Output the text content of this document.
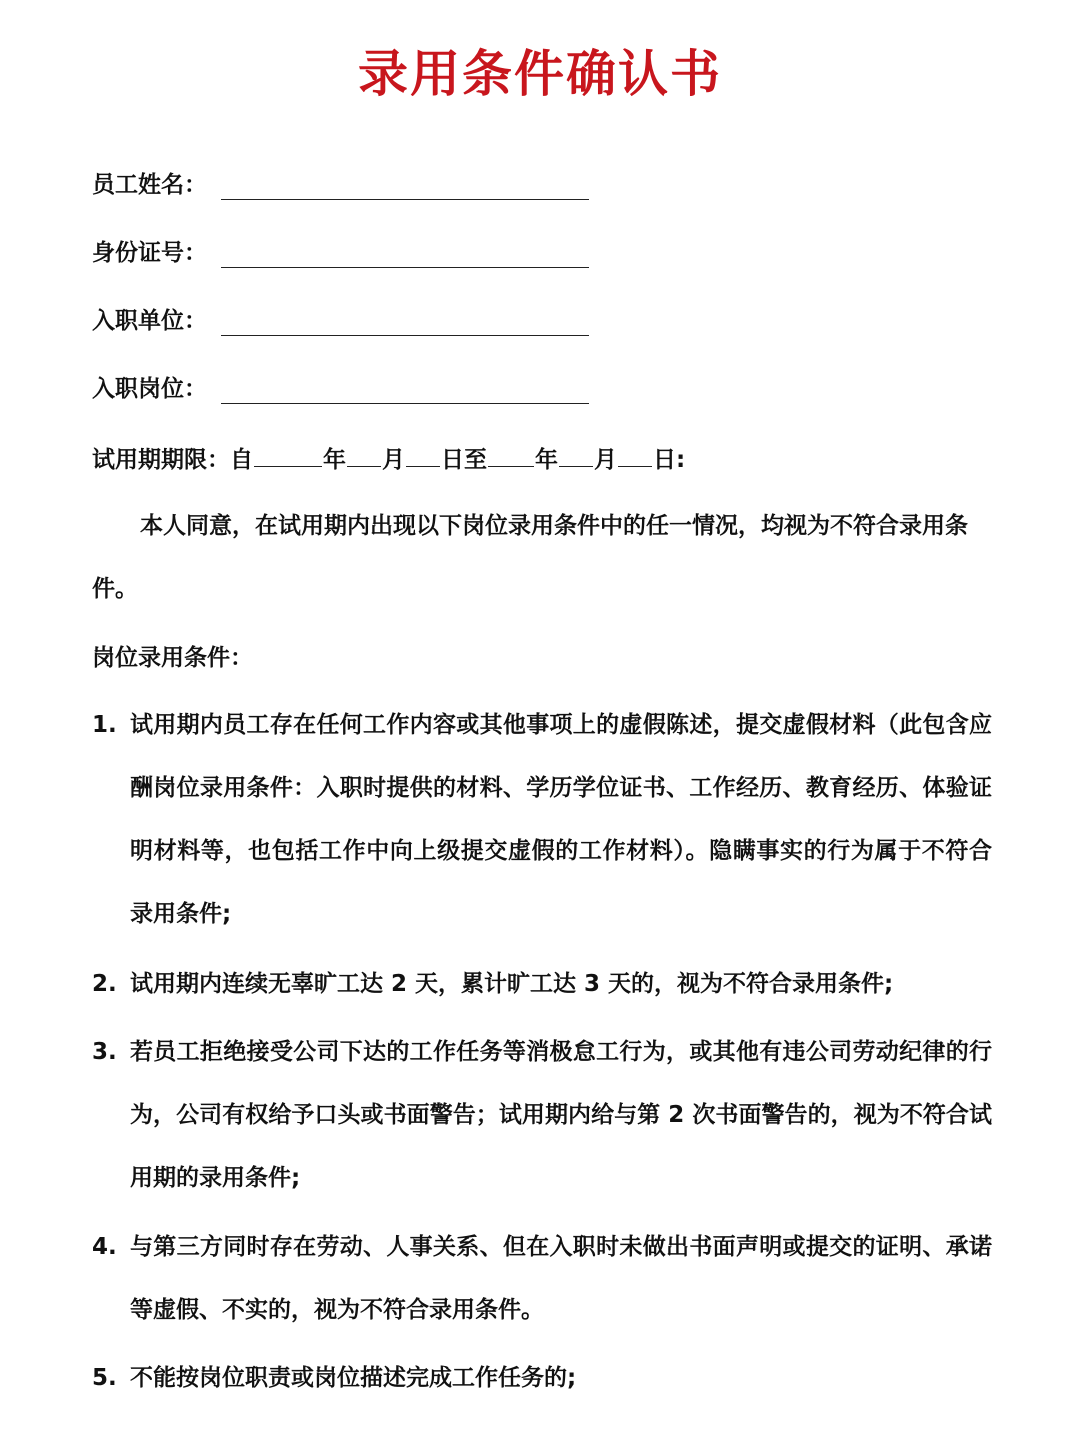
录用条件确认书
员工姓名：
身份证号：
入职单位：
入职岗位：
试用期期限：自	年 月 日至 年 月 日:
本人同意，在试用期内出现以下岗位录用条件中的任一情况，均视为不符合录用条件。
岗位录用条件：
1. 试用期内员工存在任何工作内容或其他事项上的虚假陈述，提交虚假材料（此包含应酬岗位录用条件：入职时提供的材料、学历学位证书、工作经历、教育经历、体验证明材料等，也包括工作中向上级提交虚假的工作材料）。隐瞒事实的行为属于不符合录用条件;
2. 试用期内连续无辜旷工达 2 天，累计旷工达 3 天的，视为不符合录用条件;
3. 若员工拒绝接受公司下达的工作任务等消极怠工行为，或其他有违公司劳动纪律的行为，公司有权给予口头或书面警告；试用期内给与第 2 次书面警告的，视为不符合试用期的录用条件;
4. 与第三方同时存在劳动、人事关系、但在入职时未做出书面声明或提交的证明、承诺等虚假、不实的，视为不符合录用条件。
5. 不能按岗位职责或岗位描述完成工作任务的;
